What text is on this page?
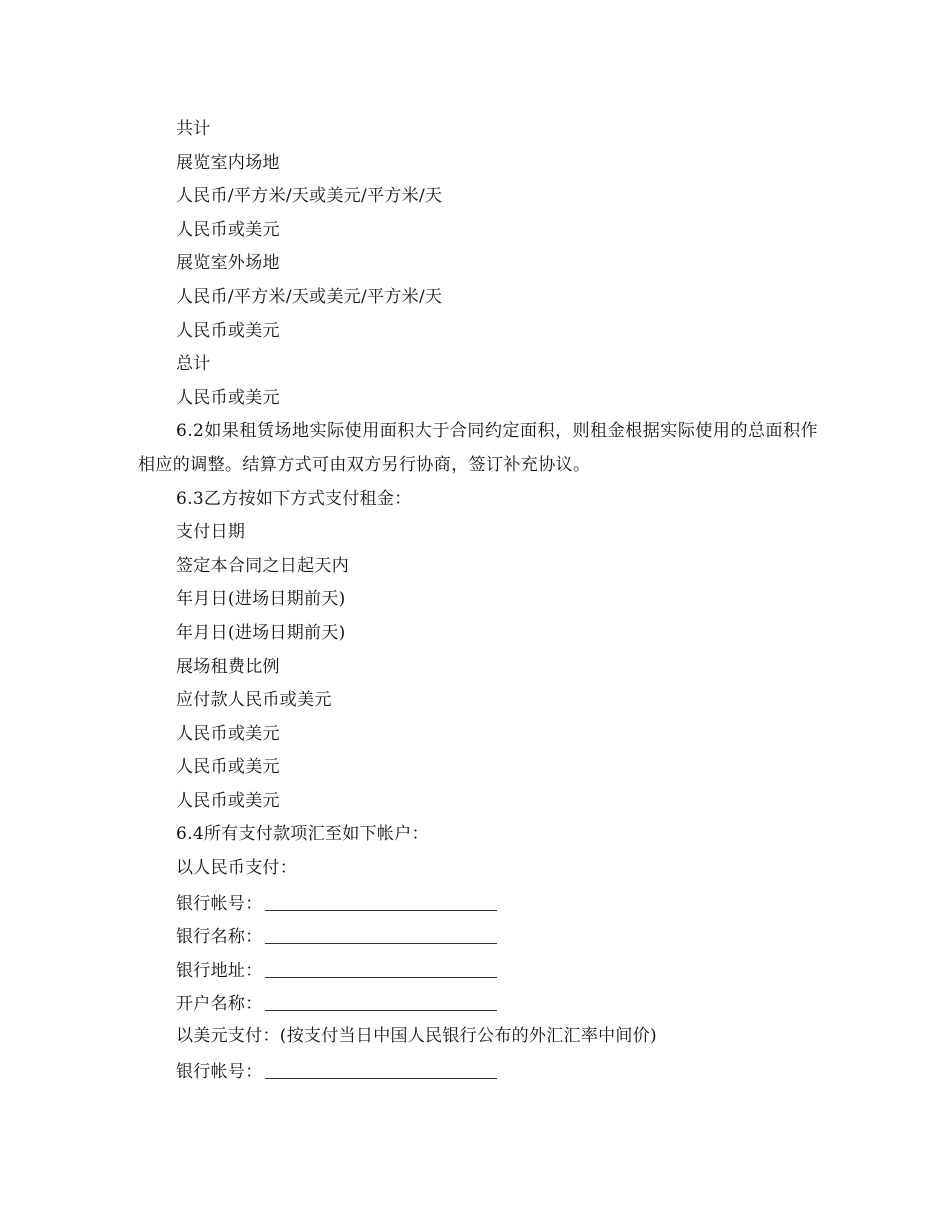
共计
展览室内场地
人民币/平方米/天或美元/平方米/天
人民币或美元
展览室外场地
人民币/平方米/天或美元/平方米/天
人民币或美元
总计
人民币或美元
6.2如果租赁场地实际使用面积大于合同约定面积，则租金根据实际使用的总面积作相应的调整。结算方式可由双方另行协商，签订补充协议。
6.3乙方按如下方式支付租金：
支付日期
签定本合同之日起天内
年月日(进场日期前天)
年月日(进场日期前天)
展场租费比例
应付款人民币或美元
人民币或美元
人民币或美元
人民币或美元
6.4所有支付款项汇至如下帐户：
以人民币支付：
银行帐号：
银行名称：
银行地址：
开户名称：
以美元支付：(按支付当日中国人民银行公布的外汇汇率中间价)
银行帐号：
